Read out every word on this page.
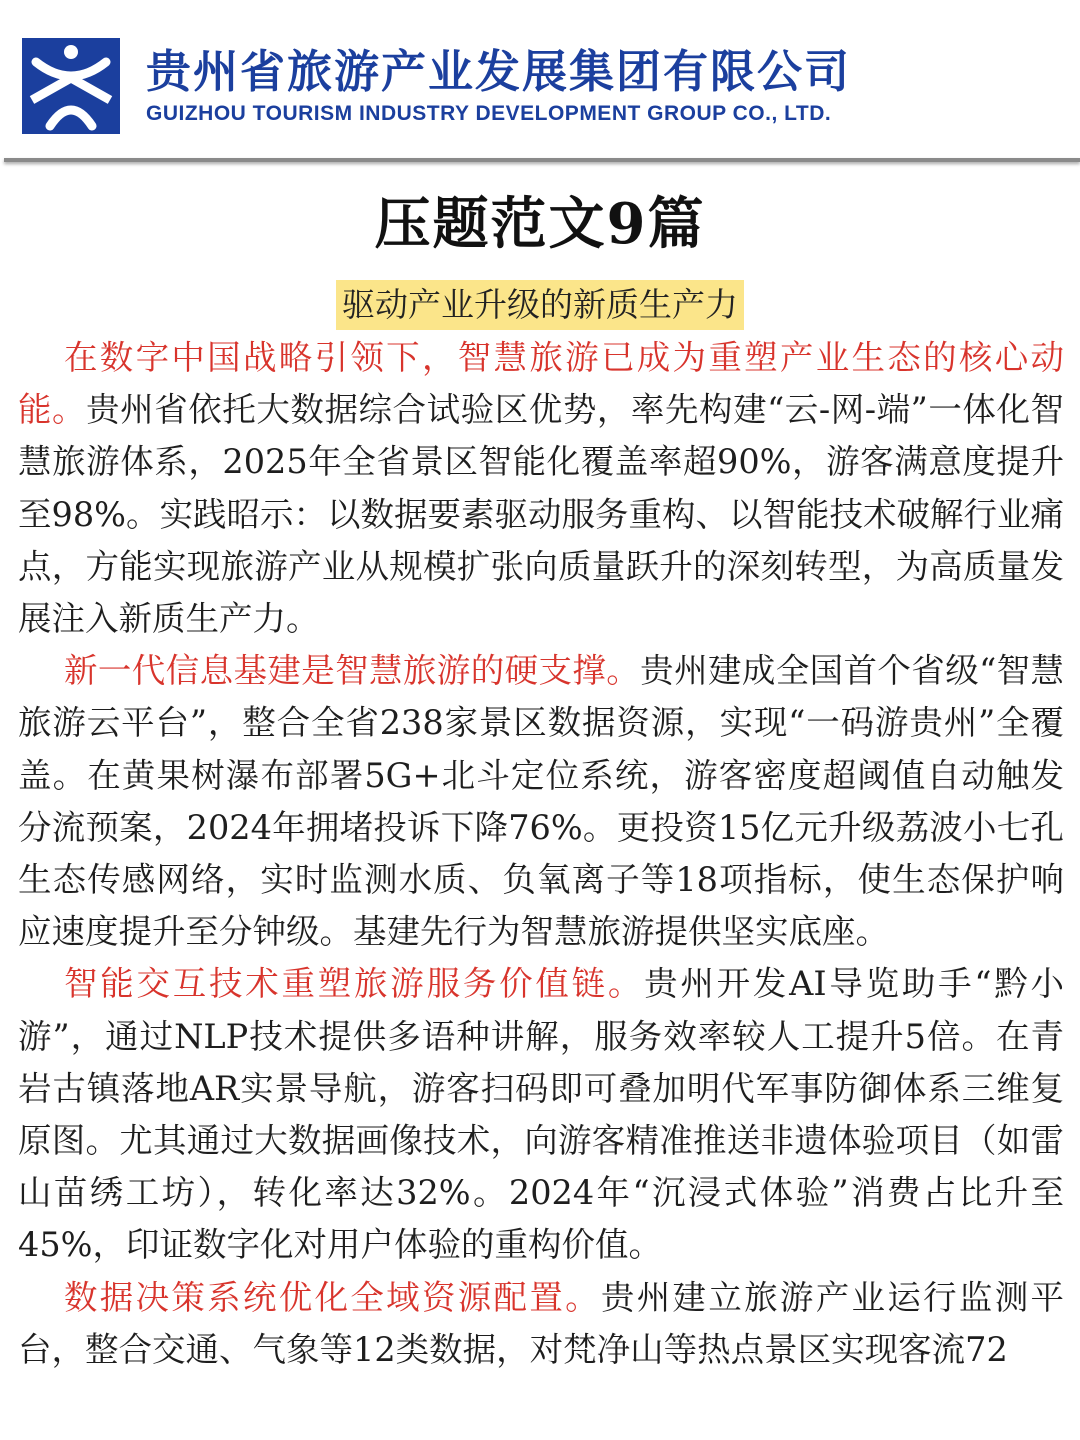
贵州省旅游产业发展集团有限公司
GUIZHOU TOURISM INDUSTRY DEVELOPMENT GROUP CO., LTD.
压题范文9篇
驱动产业升级的新质生产力

在数字中国战略引领下，智慧旅游已成为重塑产业生态的核心动能。贵州省依托大数据综合试验区优势，率先构建“云-网-端”一体化智慧旅游体系，2025年全省景区智能化覆盖率超90%，游客满意度提升至98%。实践昭示：以数据要素驱动服务重构、以智能技术破解行业痛点，方能实现旅游产业从规模扩张向质量跃升的深刻转型，为高质量发展注入新质生产力。

新一代信息基建是智慧旅游的硬支撑。贵州建成全国首个省级“智慧旅游云平台”，整合全省238家景区数据资源，实现“一码游贵州”全覆盖。在黄果树瀑布部署5G+北斗定位系统，游客密度超阈值自动触发分流预案，2024年拥堵投诉下降76%。更投资15亿元升级荔波小七孔生态传感网络，实时监测水质、负氧离子等18项指标，使生态保护响应速度提升至分钟级。基建先行为智慧旅游提供坚实底座。

智能交互技术重塑旅游服务价值链。贵州开发AI导览助手“黔小游”，通过NLP技术提供多语种讲解，服务效率较人工提升5倍。在青岩古镇落地AR实景导航，游客扫码即可叠加明代军事防御体系三维复原图。尤其通过大数据画像技术，向游客精准推送非遗体验项目（如雷山苗绣工坊），转化率达32%。2024年“沉浸式体验”消费占比升至45%，印证数字化对用户体验的重构价值。

数据决策系统优化全域资源配置。贵州建立旅游产业运行监测平台，整合交通、气象等12类数据，对梵净山等热点景区实现客流72
